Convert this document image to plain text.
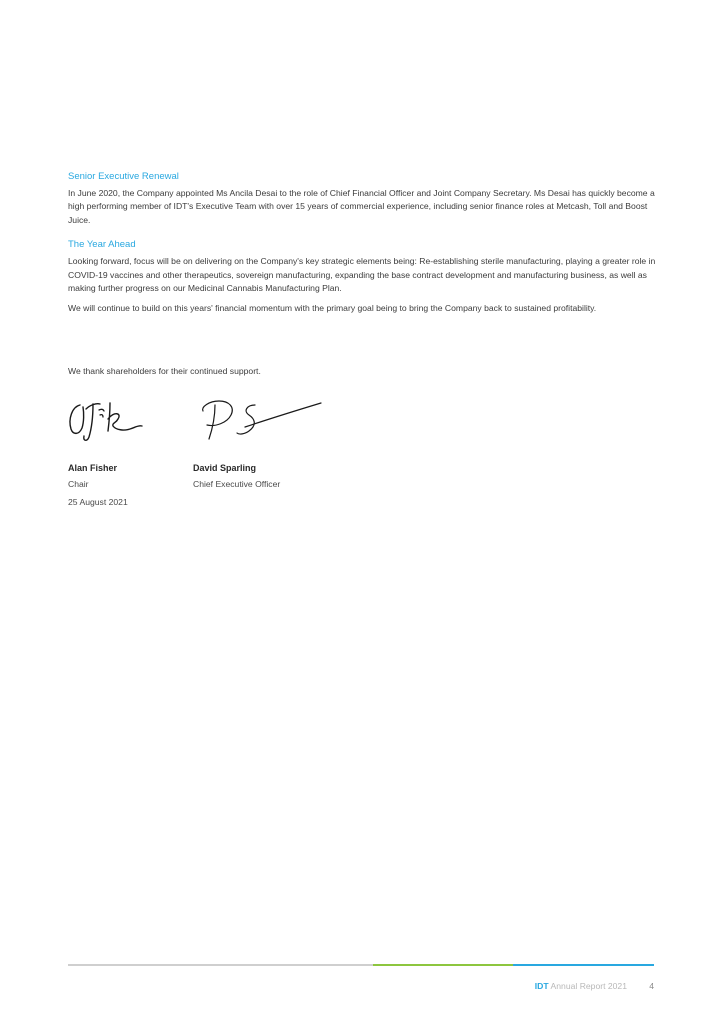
Senior Executive Renewal

In June 2020, the Company appointed Ms Ancila Desai to the role of Chief Financial Officer and Joint Company Secretary. Ms Desai has quickly become a high performing member of IDT's Executive Team with over 15 years of commercial experience, including senior finance roles at Metcash, Toll and Boost Juice.

The Year Ahead

Looking forward, focus will be on delivering on the Company's key strategic elements being: Re-establishing sterile manufacturing, playing a greater role in COVID-19 vaccines and other therapeutics, sovereign manufacturing, expanding the base contract development and manufacturing business, as well as making further progress on our Medicinal Cannabis Manufacturing Plan.

We will continue to build on this years' financial momentum with the primary goal being to bring the Company back to sustained profitability.

We thank shareholders for their continued support.

Alan Fisher	David Sparling

Chair	Chief Executive Officer

25 August 2021

IDT Annual Report 2021	4
